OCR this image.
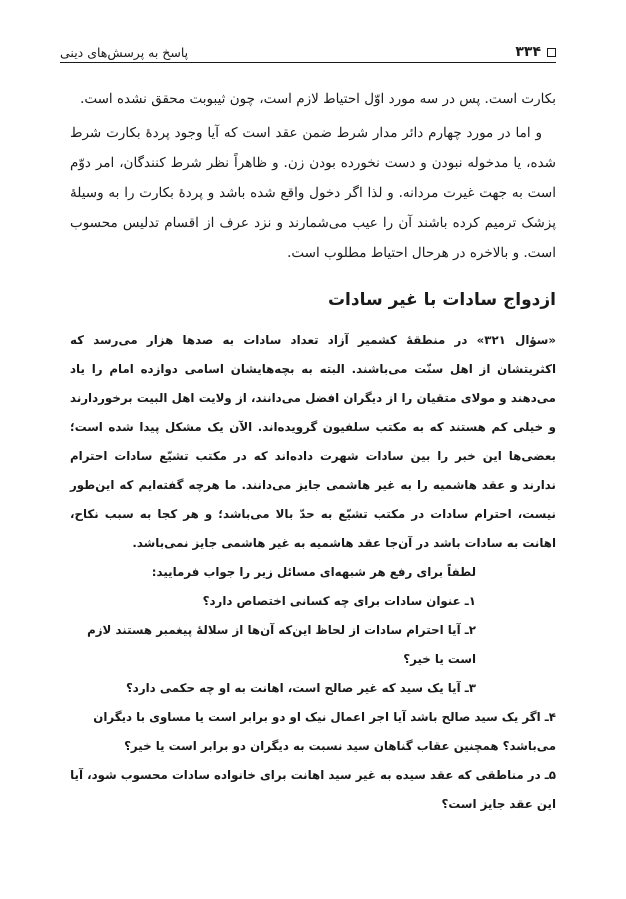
۳۳۴
پاسخ به پرسش‌های دینی

بکارت است. پس در سه مورد اوّل احتیاط لازم است، چون ثیبوبت محقق نشده است.

و اما در مورد چهارم دائر مدار شرط ضمن عقد است که آیا وجود پردهٔ بکارت شرط شده، یا مدخوله نبودن و دست نخورده بودن زن. و ظاهراً نظر شرط کنندگان، امر دوّم است به جهت غیرت مردانه. و لذا اگر دخول واقع شده باشد و پردهٔ بکارت را به وسیلهٔ پزشک ترمیم کرده باشند آن را عیب می‌شمارند و نزد عرف از اقسام تدلیس محسوب است. و بالاخره در هرحال احتیاط مطلوب است.

ازدواج سادات با غیر سادات

«سؤال ۳۲۱» در منطقهٔ کشمیر آزاد تعداد سادات به صدها هزار می‌رسد که اکثریتشان از اهل سنّت می‌باشند. البته به بچه‌هایشان اسامی دوازده امام را یاد می‌دهند و مولای متقیان را از دیگران افضل می‌دانند، از ولایت اهل البیت برخوردارند و خیلی کم هستند که به مکتب سلفیون گرویده‌اند. الآن یک مشکل پیدا شده است؛ بعضی‌ها این خبر را بین سادات شهرت داده‌اند که در مکتب تشیّع سادات احترام ندارند و عقد هاشمیه را به غیر هاشمی جایز می‌دانند. ما هرچه گفته‌ایم که این‌طور نیست، احترام سادات در مکتب تشیّع به حدّ بالا می‌باشد؛ و هر کجا به سبب نکاح، اهانت به سادات باشد در آن‌جا عقد هاشمیه به غیر هاشمی جایز نمی‌باشد.

لطفاً برای رفع هر شبهه‌ای مسائل زیر را جواب فرمایید:

۱ـ عنوان سادات برای چه کسانی اختصاص دارد؟
۲ـ آیا احترام سادات از لحاظ این‌که آن‌ها از سلالهٔ پیغمبر هستند لازم است یا خیر؟
۳ـ آیا یک سید که غیر صالح است، اهانت به او چه حکمی دارد؟
۴ـ اگر یک سید صالح باشد آیا اجر اعمال نیک او دو برابر است یا مساوی با دیگران می‌باشد؟ همچنین عقاب گناهان سید نسبت به دیگران دو برابر است یا خیر؟
۵ـ در مناطقی که عقد سیده به غیر سید اهانت برای خانواده سادات محسوب شود، آیا این عقد جایز است؟
